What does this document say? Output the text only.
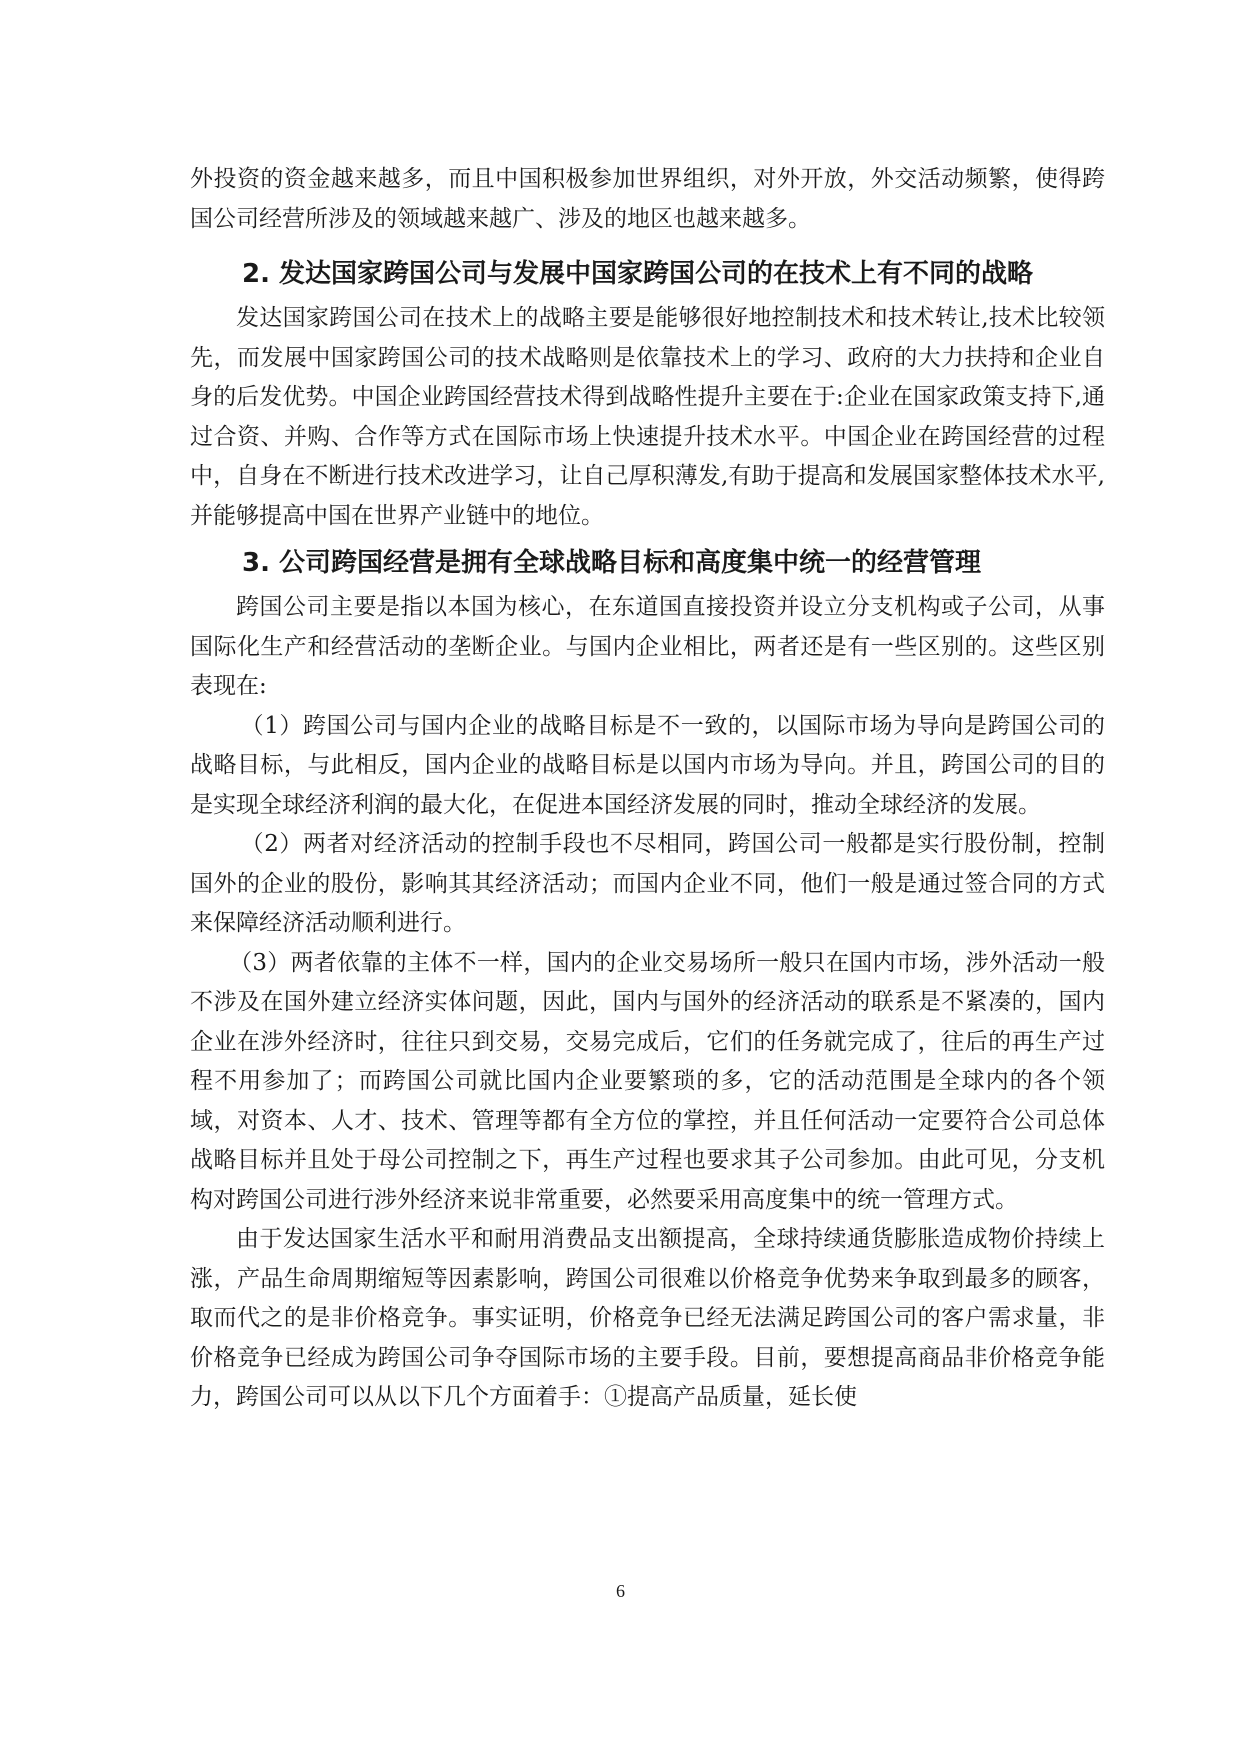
外投资的资金越来越多，而且中国积极参加世界组织，对外开放，外交活动频繁，使得跨国公司经营所涉及的领域越来越广、涉及的地区也越来越多。

2. 发达国家跨国公司与发展中国家跨国公司的在技术上有不同的战略

发达国家跨国公司在技术上的战略主要是能够很好地控制技术和技术转让,技术比较领先，而发展中国家跨国公司的技术战略则是依靠技术上的学习、政府的大力扶持和企业自身的后发优势。中国企业跨国经营技术得到战略性提升主要在于:企业在国家政策支持下,通过合资、并购、合作等方式在国际市场上快速提升技术水平。中国企业在跨国经营的过程中，自身在不断进行技术改进学习，让自己厚积薄发,有助于提高和发展国家整体技术水平,并能够提高中国在世界产业链中的地位。

3. 公司跨国经营是拥有全球战略目标和高度集中统一的经营管理

跨国公司主要是指以本国为核心，在东道国直接投资并设立分支机构或子公司，从事国际化生产和经营活动的垄断企业。与国内企业相比，两者还是有一些区别的。这些区别表现在:

（1）跨国公司与国内企业的战略目标是不一致的，以国际市场为导向是跨国公司的战略目标，与此相反，国内企业的战略目标是以国内市场为导向。并且，跨国公司的目的是实现全球经济利润的最大化，在促进本国经济发展的同时，推动全球经济的发展。

（2）两者对经济活动的控制手段也不尽相同，跨国公司一般都是实行股份制，控制国外的企业的股份，影响其其经济活动；而国内企业不同，他们一般是通过签合同的方式来保障经济活动顺利进行。

（3）两者依靠的主体不一样，国内的企业交易场所一般只在国内市场，涉外活动一般不涉及在国外建立经济实体问题，因此，国内与国外的经济活动的联系是不紧凑的，国内企业在涉外经济时，往往只到交易，交易完成后，它们的任务就完成了，往后的再生产过程不用参加了；而跨国公司就比国内企业要繁琐的多，它的活动范围是全球内的各个领域，对资本、人才、技术、管理等都有全方位的掌控，并且任何活动一定要符合公司总体战略目标并且处于母公司控制之下，再生产过程也要求其子公司参加。由此可见，分支机构对跨国公司进行涉外经济来说非常重要，必然要采用高度集中的统一管理方式。

由于发达国家生活水平和耐用消费品支出额提高，全球持续通货膨胀造成物价持续上涨，产品生命周期缩短等因素影响，跨国公司很难以价格竞争优势来争取到最多的顾客，取而代之的是非价格竞争。事实证明，价格竞争已经无法满足跨国公司的客户需求量，非价格竞争已经成为跨国公司争夺国际市场的主要手段。目前，要想提高商品非价格竞争能力，跨国公司可以从以下几个方面着手：①提高产品质量，延长使

6
